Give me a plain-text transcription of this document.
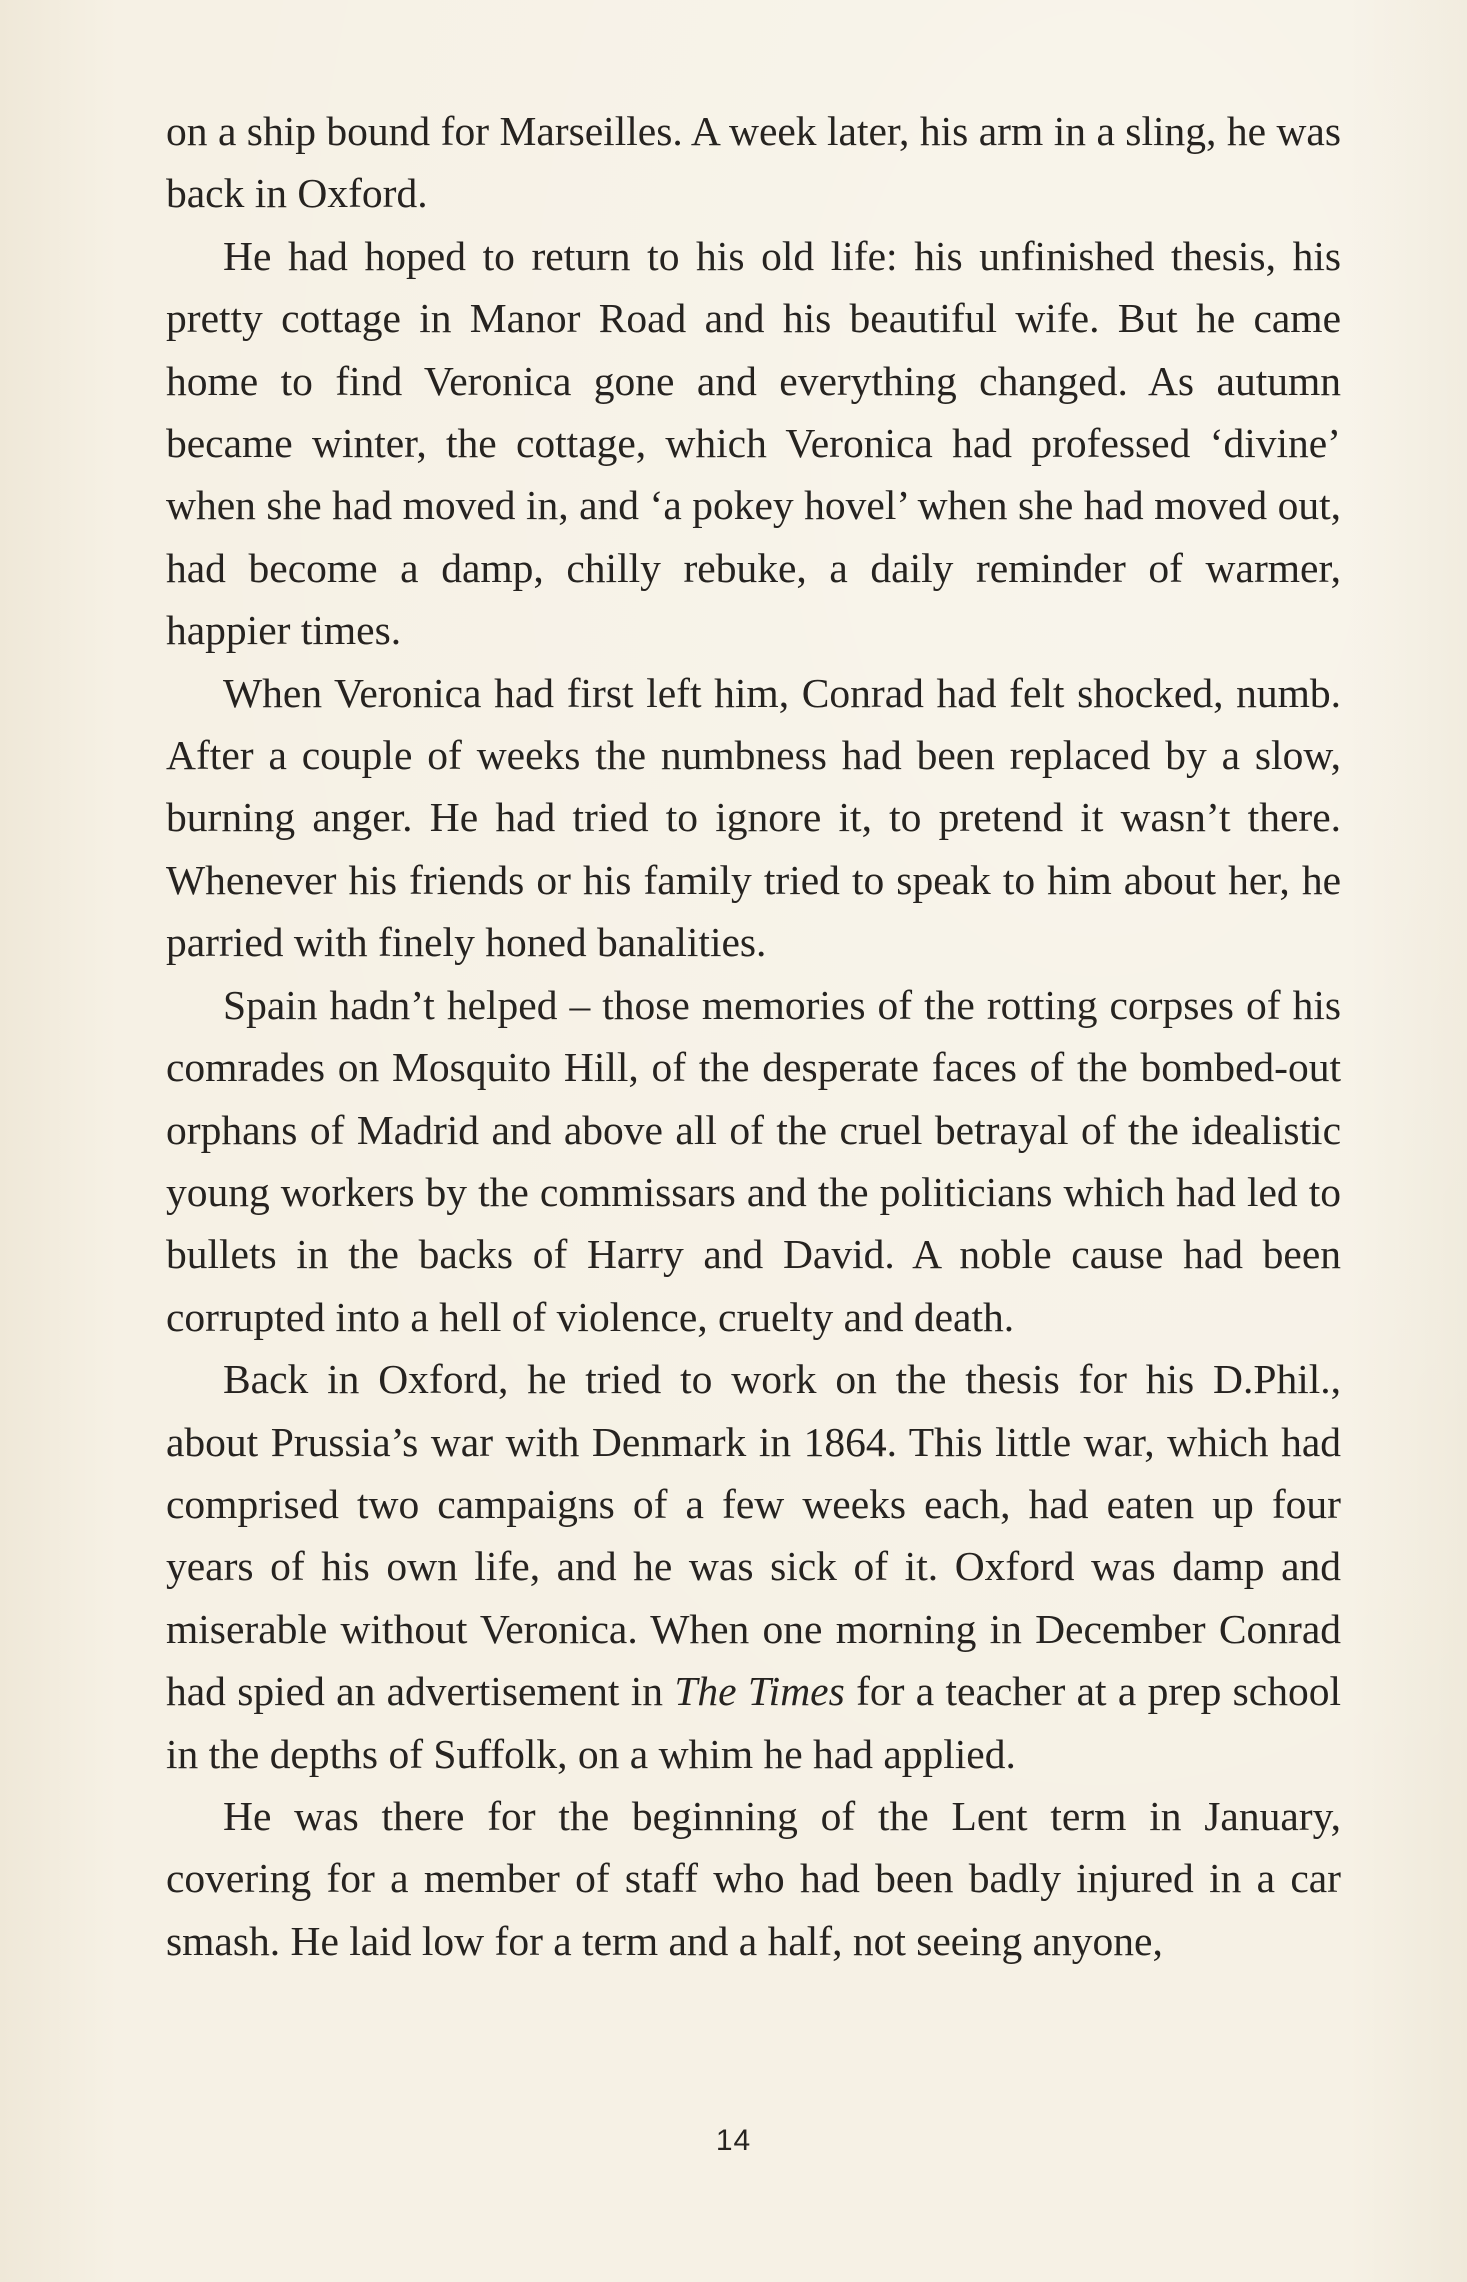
on a ship bound for Marseilles. A week later, his arm in a sling, he was back in Oxford.

He had hoped to return to his old life: his unfinished thesis, his pretty cottage in Manor Road and his beautiful wife. But he came home to find Veronica gone and everything changed. As autumn became winter, the cottage, which Veronica had professed ‘divine’ when she had moved in, and ‘a pokey hovel’ when she had moved out, had become a damp, chilly rebuke, a daily reminder of warmer, happier times.

When Veronica had first left him, Conrad had felt shocked, numb. After a couple of weeks the numbness had been replaced by a slow, burning anger. He had tried to ignore it, to pretend it wasn’t there. Whenever his friends or his family tried to speak to him about her, he parried with finely honed banalities.

Spain hadn’t helped – those memories of the rotting corpses of his comrades on Mosquito Hill, of the desperate faces of the bombed-out orphans of Madrid and above all of the cruel betrayal of the idealistic young workers by the commissars and the politicians which had led to bullets in the backs of Harry and David. A noble cause had been corrupted into a hell of violence, cruelty and death.

Back in Oxford, he tried to work on the thesis for his D.Phil., about Prussia’s war with Denmark in 1864. This little war, which had comprised two campaigns of a few weeks each, had eaten up four years of his own life, and he was sick of it. Oxford was damp and miserable without Veronica. When one morning in December Conrad had spied an advertisement in The Times for a teacher at a prep school in the depths of Suffolk, on a whim he had applied.

He was there for the beginning of the Lent term in January, covering for a member of staff who had been badly injured in a car smash. He laid low for a term and a half, not seeing anyone,

14
